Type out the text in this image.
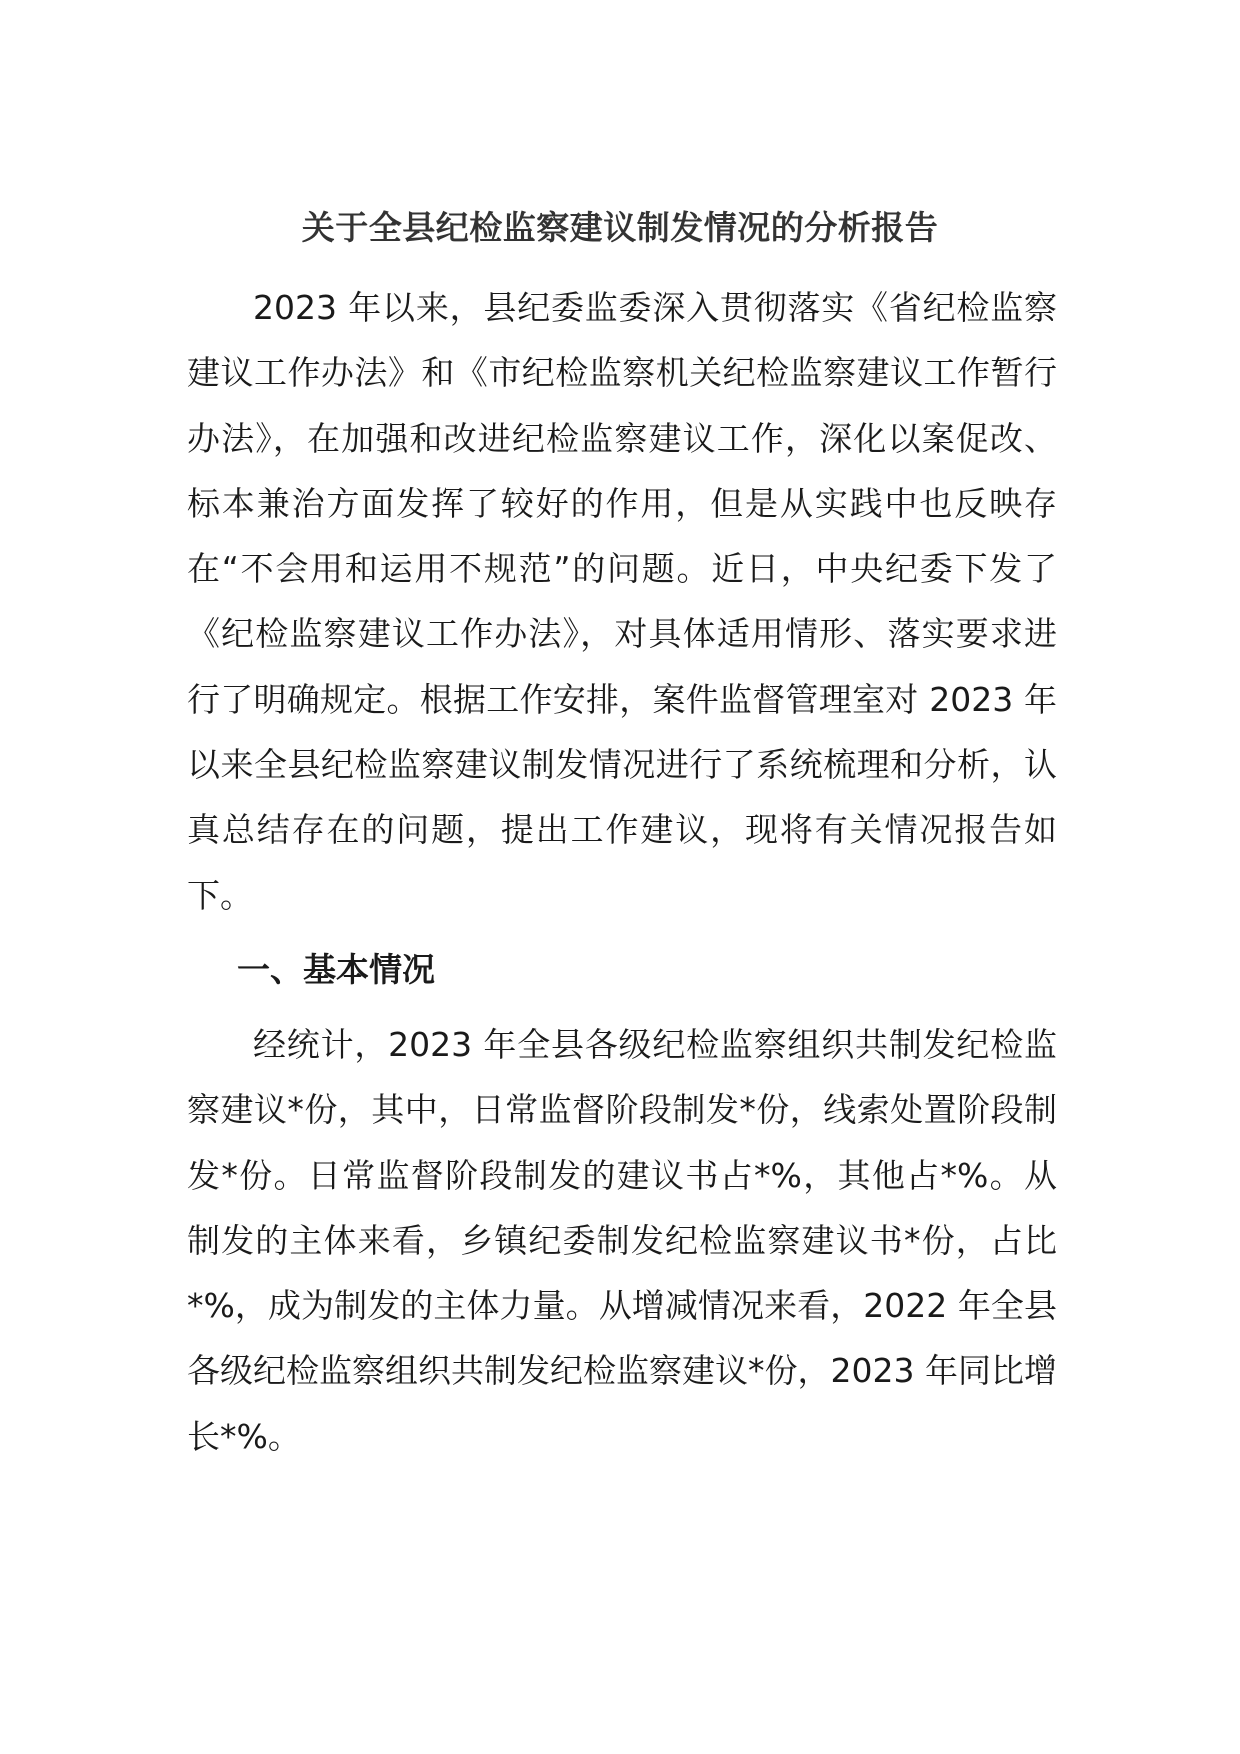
关于全县纪检监察建议制发情况的分析报告

2023 年以来，县纪委监委深入贯彻落实《省纪检监察建议工作办法》和《市纪检监察机关纪检监察建议工作暂行办法》，在加强和改进纪检监察建议工作，深化以案促改、标本兼治方面发挥了较好的作用，但是从实践中也反映存在“不会用和运用不规范”的问题。近日，中央纪委下发了《纪检监察建议工作办法》，对具体适用情形、落实要求进行了明确规定。根据工作安排，案件监督管理室对 2023 年以来全县纪检监察建议制发情况进行了系统梳理和分析，认真总结存在的问题，提出工作建议，现将有关情况报告如下。

一、基本情况

经统计，2023 年全县各级纪检监察组织共制发纪检监察建议*份，其中，日常监督阶段制发*份，线索处置阶段制发*份。日常监督阶段制发的建议书占*%，其他占*%。从制发的主体来看，乡镇纪委制发纪检监察建议书*份，占比*%，成为制发的主体力量。从增减情况来看，2022 年全县各级纪检监察组织共制发纪检监察建议*份，2023 年同比增长*%。
